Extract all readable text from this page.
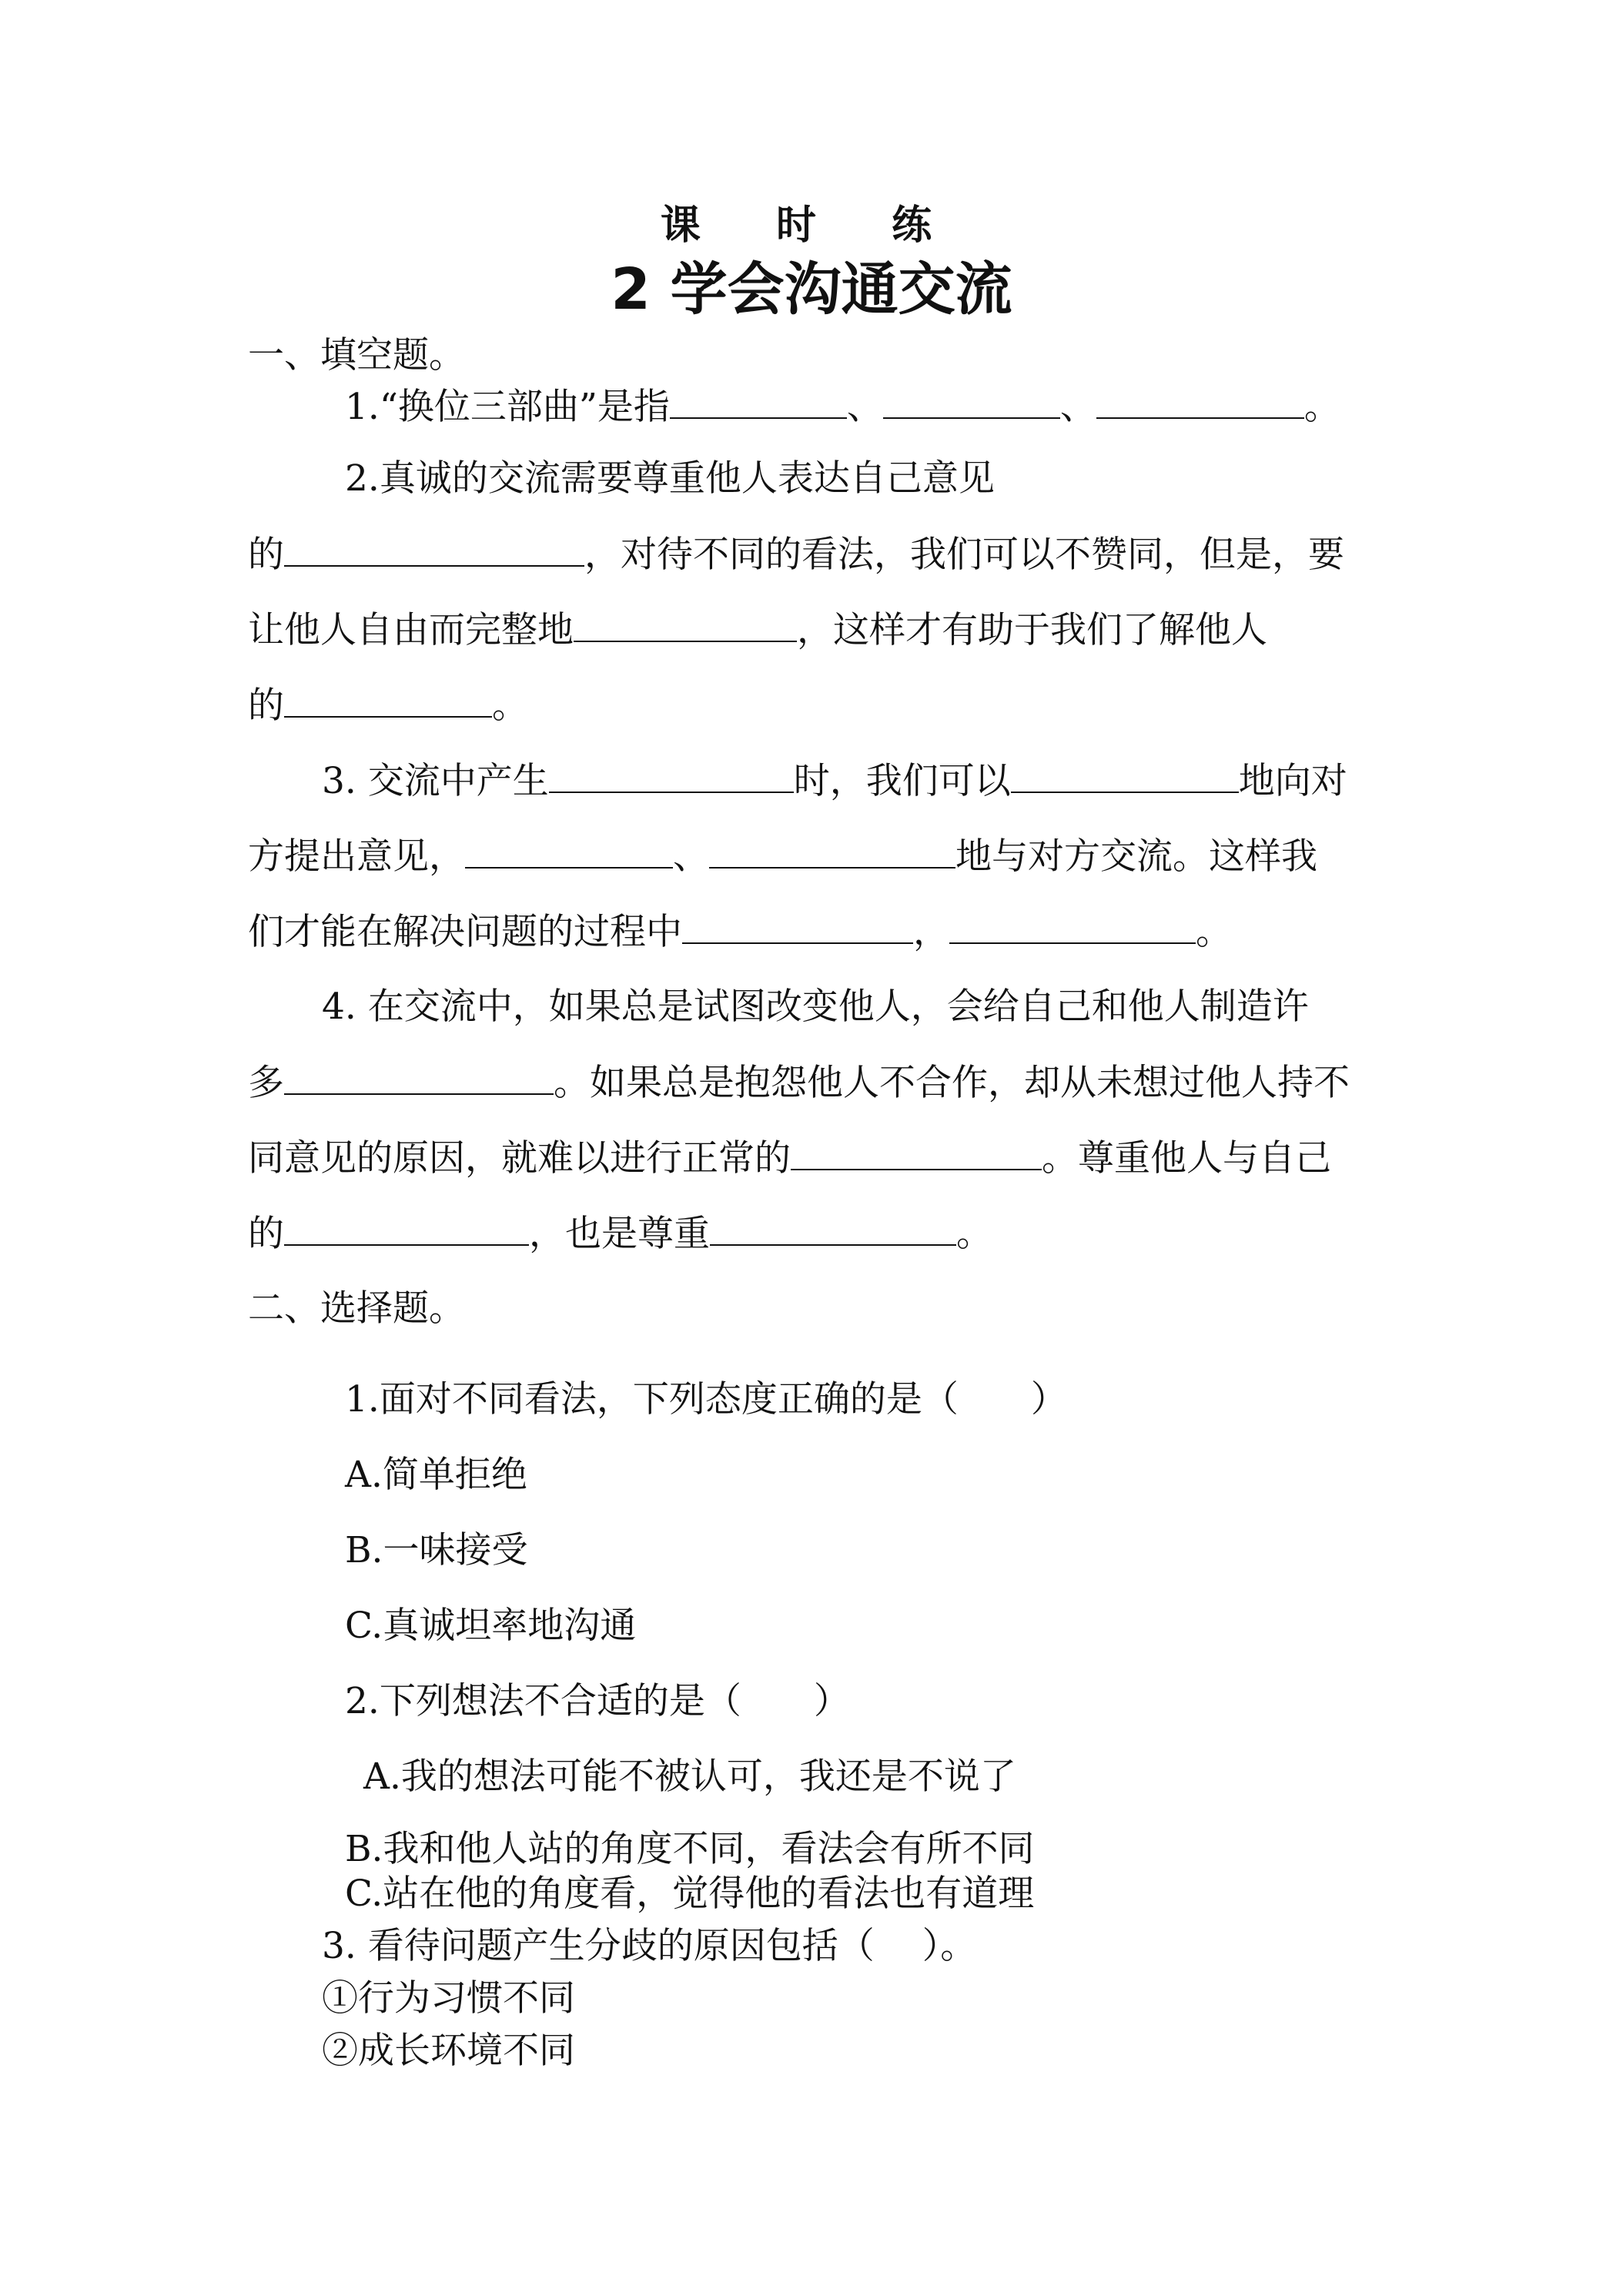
课 时 练
2 学会沟通交流
一、填空题。
1.“换位三部曲”是指	、	、	。
2.真诚的交流需要尊重他人表达自己意见
的	，对待不同的看法，我们可以不赞同，但是，要
让他人自由而完整地	，这样才有助于我们了解他人
的	。
3. 交流中产生	时，我们可以	地向对
方提出意见，	、	地与对方交流。这样我
们才能在解决问题的过程中	，	。
4. 在交流中，如果总是试图改变他人，会给自己和他人制造许
多	。如果总是抱怨他人不合作，却从未想过他人持不
同意见的原因，就难以进行正常的	。尊重他人与自己
的	，也是尊重	。
二、选择题。
1.面对不同看法，下列态度正确的是（　　）
A.简单拒绝
B.一味接受
C.真诚坦率地沟通
2.下列想法不合适的是（　　）
A.我的想法可能不被认可，我还是不说了
B.我和他人站的角度不同，看法会有所不同
C.站在他的角度看，觉得他的看法也有道理
3. 看待问题产生分歧的原因包括（　 ）。
①行为习惯不同
②成长环境不同
